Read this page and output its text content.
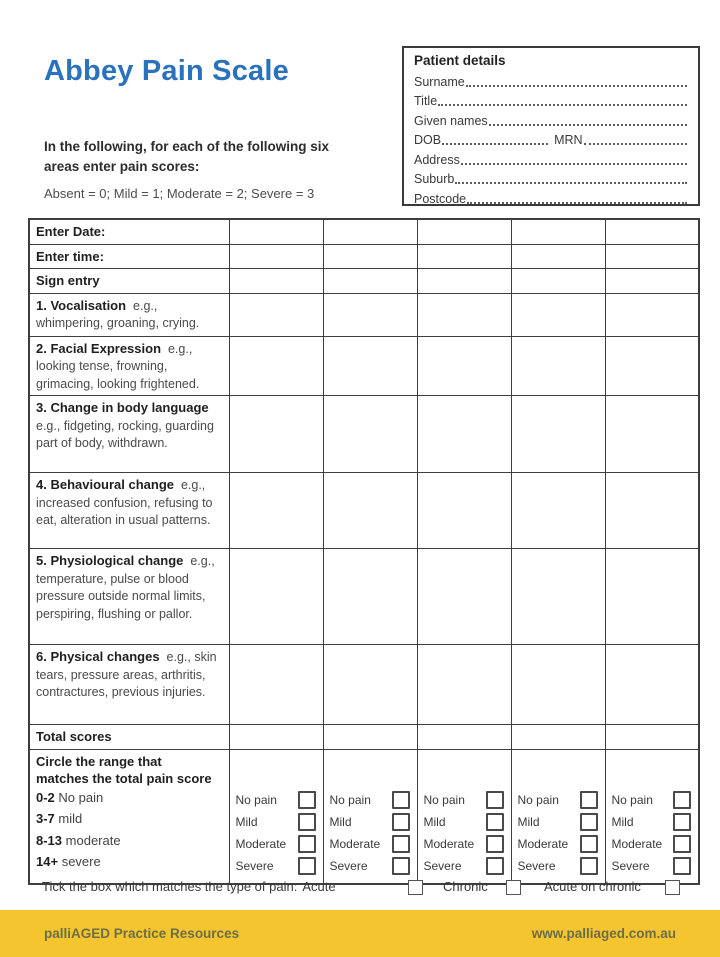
Abbey Pain Scale	Patient details
Surname
Title
Given names
DOB	MRN
Address
Suburb
Postcode
In the following, for each of the following six
areas enter pain scores:
Absent = 0; Mild = 1; Moderate = 2; Severe = 3
Enter Date:					
Enter time:					
Sign entry					
1. Vocalisation e.g., whimpering, groaning, crying.					
2. Facial Expression e.g., looking tense, frowning, grimacing, looking frightened.					
3. Change in body language  e.g., fidgeting, rocking, guarding part of body, withdrawn.					
4. Behavioural change e.g., increased confusion, refusing to eat, alteration in usual patterns.					
5. Physiological change e.g., temperature, pulse or blood pressure outside normal limits, perspiring, flushing or pallor.					
6. Physical changes e.g., skin tears, pressure areas, arthritis, contractures, previous injuries.					
Total scores					

Circle the range that
matches the total pain score
0-2 No pain
3-7 mild
8-13 moderate
14+ severe

No pain
Mild
Moderate
Severe

No pain
Mild
Moderate
Severe

No pain
Mild
Moderate
Severe

No pain
Mild
Moderate
Severe

No pain
Mild
Moderate
Severe
Tick the box which matches the type of pain: Acute	Chronic	Acute on chronic
palliAGED Practice Resources	www.palliaged.com.au
